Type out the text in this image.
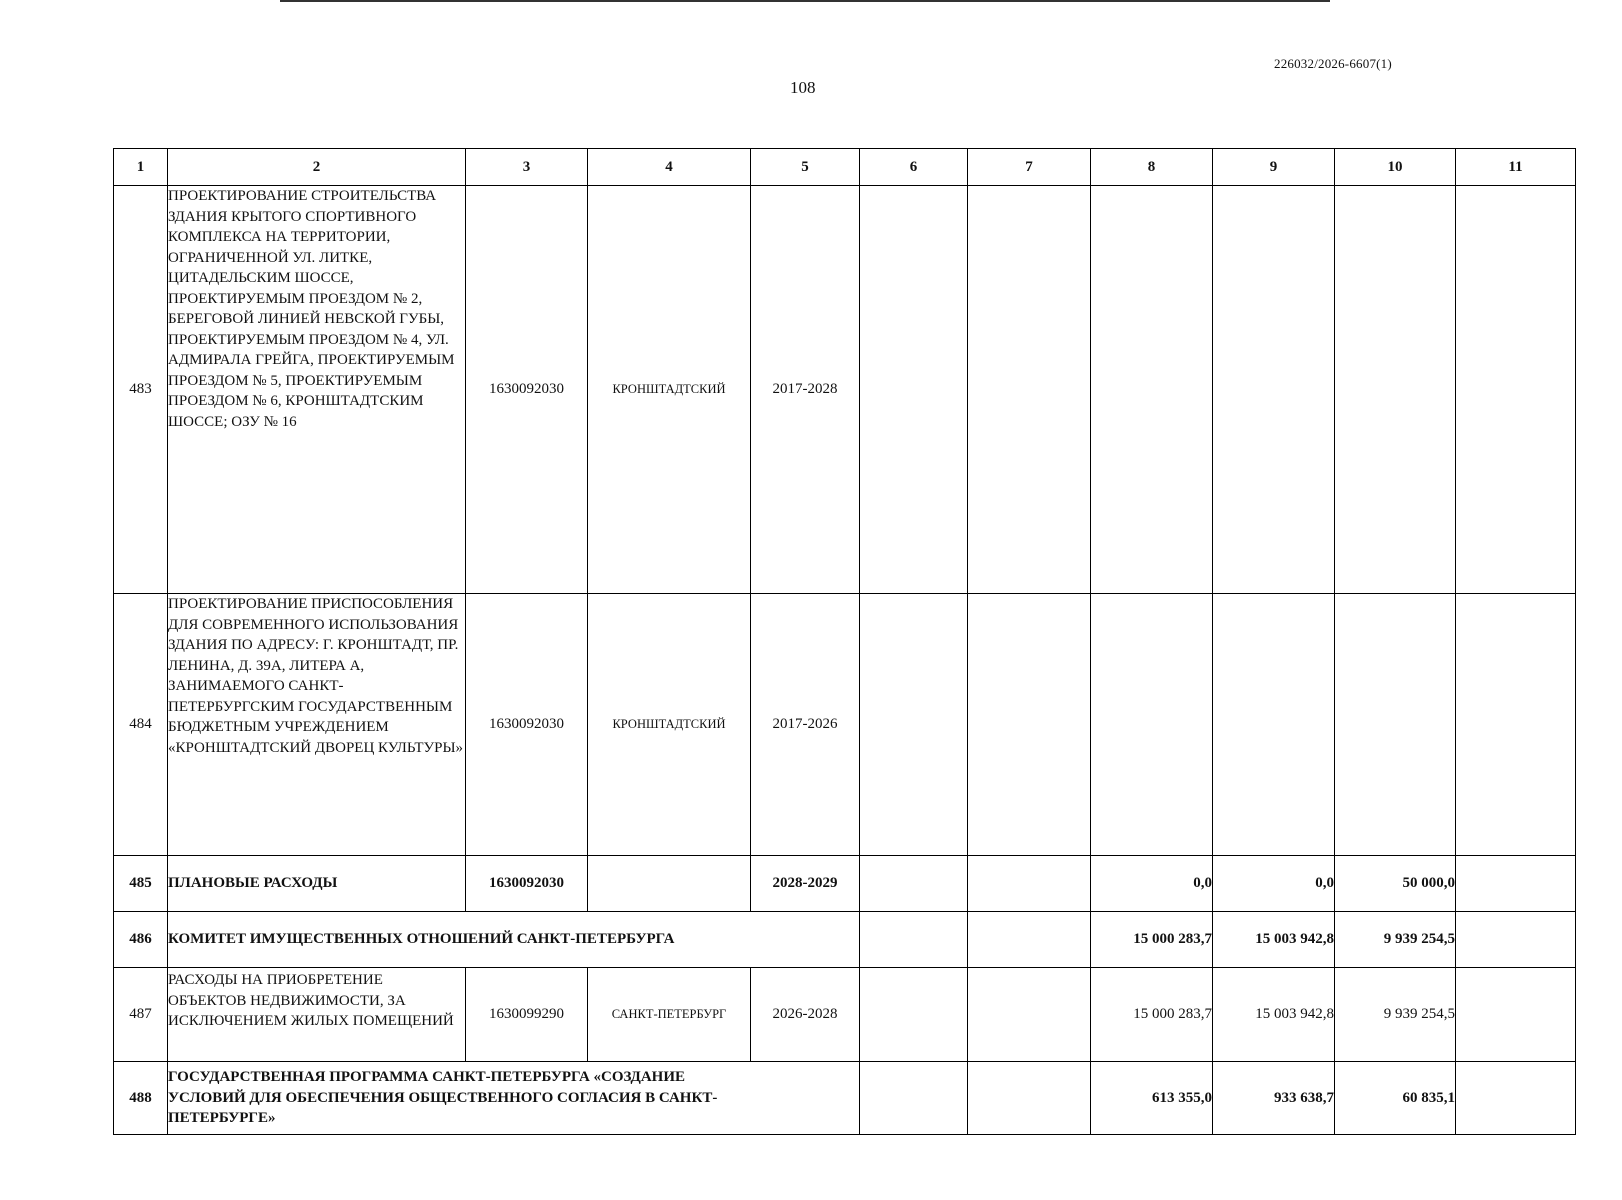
226032/2026-6607(1)
108
1	2	3	4	5	6	7	8	9	10	11
483	ПРОЕКТИРОВАНИЕ СТРОИТЕЛЬСТВА ЗДАНИЯ КРЫТОГО СПОРТИВНОГО КОМПЛЕКСА НА ТЕРРИТОРИИ, ОГРАНИЧЕННОЙ УЛ. ЛИТКЕ, ЦИТАДЕЛЬСКИМ ШОССЕ, ПРОЕКТИРУЕМЫМ ПРОЕЗДОМ № 2, БЕРЕГОВОЙ ЛИНИЕЙ НЕВСКОЙ ГУБЫ, ПРОЕКТИРУЕМЫМ ПРОЕЗДОМ № 4, УЛ. АДМИРАЛА ГРЕЙГА, ПРОЕКТИРУЕМЫМ ПРОЕЗДОМ № 5, ПРОЕКТИРУЕМЫМ ПРОЕЗДОМ № 6, КРОНШТАДТСКИМ ШОССЕ; ОЗУ № 16	1630092030	КРОНШТАДТСКИЙ	2017-2028						
484	ПРОЕКТИРОВАНИЕ ПРИСПОСОБЛЕНИЯ ДЛЯ СОВРЕМЕННОГО ИСПОЛЬЗОВАНИЯ ЗДАНИЯ ПО АДРЕСУ: Г. КРОНШТАДТ, ПР. ЛЕНИНА, Д. 39А, ЛИТЕРА А, ЗАНИМАЕМОГО САНКТ-ПЕТЕРБУРГСКИМ ГОСУДАРСТВЕННЫМ БЮДЖЕТНЫМ УЧРЕЖДЕНИЕМ «КРОНШТАДТСКИЙ ДВОРЕЦ КУЛЬТУРЫ»	1630092030	КРОНШТАДТСКИЙ	2017-2026						
485	ПЛАНОВЫЕ РАСХОДЫ	1630092030		2028-2029			0,0	0,0	50 000,0	
486	КОМИТЕТ ИМУЩЕСТВЕННЫХ ОТНОШЕНИЙ САНКТ-ПЕТЕРБУРГА						15 000 283,7	15 003 942,8	9 939 254,5	
487	РАСХОДЫ НА ПРИОБРЕТЕНИЕ ОБЪЕКТОВ НЕДВИЖИМОСТИ, ЗА ИСКЛЮЧЕНИЕМ ЖИЛЫХ ПОМЕЩЕНИЙ	1630099290	САНКТ-ПЕТЕРБУРГ	2026-2028			15 000 283,7	15 003 942,8	9 939 254,5	
488	ГОСУДАРСТВЕННАЯ ПРОГРАММА САНКТ-ПЕТЕРБУРГА «СОЗДАНИЕ УСЛОВИЙ ДЛЯ ОБЕСПЕЧЕНИЯ ОБЩЕСТВЕННОГО СОГЛАСИЯ В САНКТ-ПЕТЕРБУРГЕ»						613 355,0	933 638,7	60 835,1	
